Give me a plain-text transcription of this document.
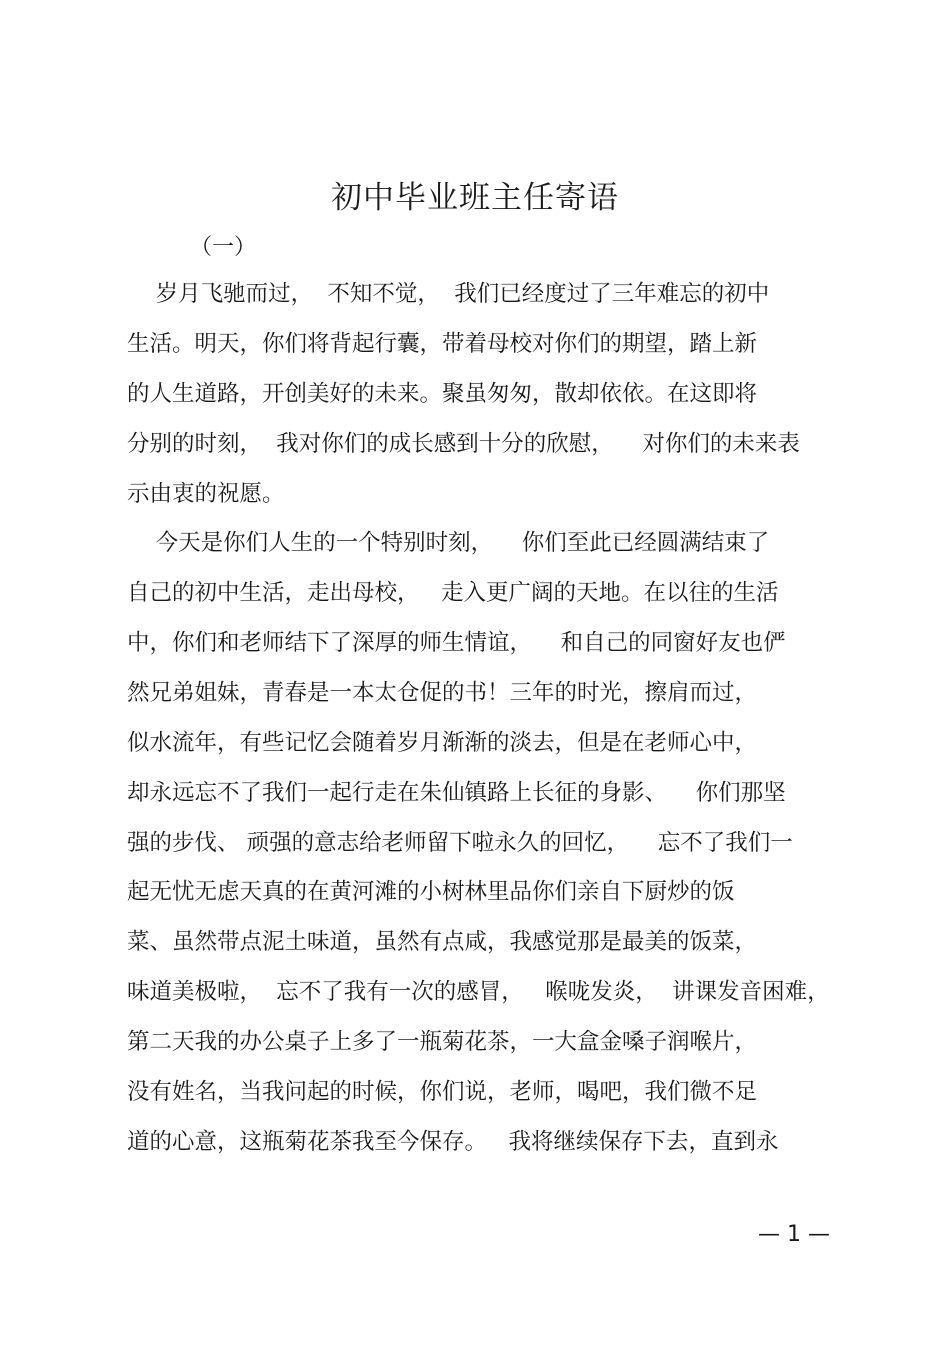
初中毕业班主任寄语
（一）
岁月飞驰而过，  不知不觉，  我们已经度过了三年难忘的初中
生活。明天，你们将背起行囊，带着母校对你们的期望，踏上新
的人生道路，开创美好的未来。聚虽匆匆，散却依依。在这即将
分别的时刻，  我对你们的成长感到十分的欣慰，    对你们的未来表
示由衷的祝愿。
今天是你们人生的一个特别时刻，    你们至此已经圆满结束了
自己的初中生活，走出母校，   走入更广阔的天地。在以往的生活
中，你们和老师结下了深厚的师生情谊，    和自己的同窗好友也俨
然兄弟姐妹，青春是一本太仓促的书！三年的时光，擦肩而过，
似水流年，有些记忆会随着岁月渐渐的淡去，但是在老师心中，
却永远忘不了我们一起行走在朱仙镇路上长征的身影、    你们那坚
强的步伐、 顽强的意志给老师留下啦永久的回忆，    忘不了我们一
起无忧无虑天真的在黄河滩的小树林里品你们亲自下厨炒的饭
菜、虽然带点泥土味道，虽然有点咸，我感觉那是最美的饭菜，
味道美极啦，  忘不了我有一次的感冒，   喉咙发炎，  讲课发音困难，
第二天我的办公桌子上多了一瓶菊花茶，一大盒金嗓子润喉片，
没有姓名，当我问起的时候，你们说，老师，喝吧，我们微不足
道的心意，这瓶菊花茶我至今保存。   我将继续保存下去，直到永
— 1 —
